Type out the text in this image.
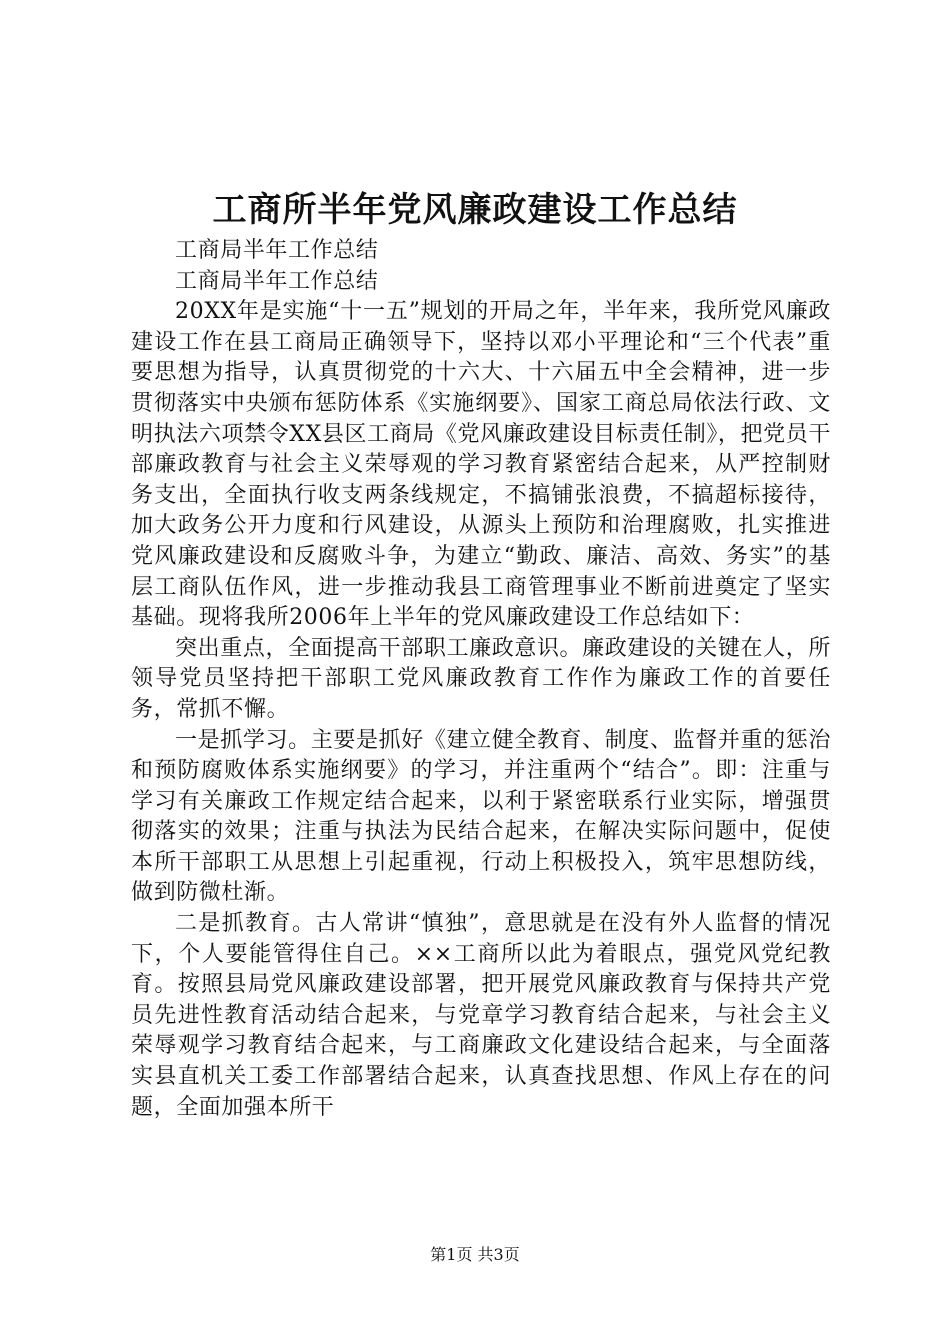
工商所半年党风廉政建设工作总结

工商局半年工作总结

工商局半年工作总结

20XX年是实施“十一五”规划的开局之年，半年来，我所党风廉政建设工作在县工商局正确领导下，坚持以邓小平理论和“三个代表”重要思想为指导，认真贯彻党的十六大、十六届五中全会精神，进一步贯彻落实中央颁布惩防体系《实施纲要》、国家工商总局依法行政、文明执法六项禁令XX县区工商局《党风廉政建设目标责任制》，把党员干部廉政教育与社会主义荣辱观的学习教育紧密结合起来，从严控制财务支出，全面执行收支两条线规定，不搞铺张浪费，不搞超标接待，加大政务公开力度和行风建设，从源头上预防和治理腐败，扎实推进党风廉政建设和反腐败斗争，为建立“勤政、廉洁、高效、务实”的基层工商队伍作风，进一步推动我县工商管理事业不断前进奠定了坚实基础。现将我所2006年上半年的党风廉政建设工作总结如下：

突出重点，全面提高干部职工廉政意识。廉政建设的关键在人，所领导党员坚持把干部职工党风廉政教育工作作为廉政工作的首要任务，常抓不懈。

一是抓学习。主要是抓好《建立健全教育、制度、监督并重的惩治和预防腐败体系实施纲要》的学习，并注重两个“结合”。即：注重与学习有关廉政工作规定结合起来，以利于紧密联系行业实际，增强贯彻落实的效果；注重与执法为民结合起来，在解决实际问题中，促使本所干部职工从思想上引起重视，行动上积极投入，筑牢思想防线，做到防微杜渐。

二是抓教育。古人常讲“慎独”，意思就是在没有外人监督的情况下，个人要能管得住自己。××工商所以此为着眼点，强党风党纪教育。按照县局党风廉政建设部署，把开展党风廉政教育与保持共产党员先进性教育活动结合起来，与党章学习教育结合起来，与社会主义荣辱观学习教育结合起来，与工商廉政文化建设结合起来，与全面落实县直机关工委工作部署结合起来，认真查找思想、作风上存在的问题，全面加强本所干

第1页 共3页
